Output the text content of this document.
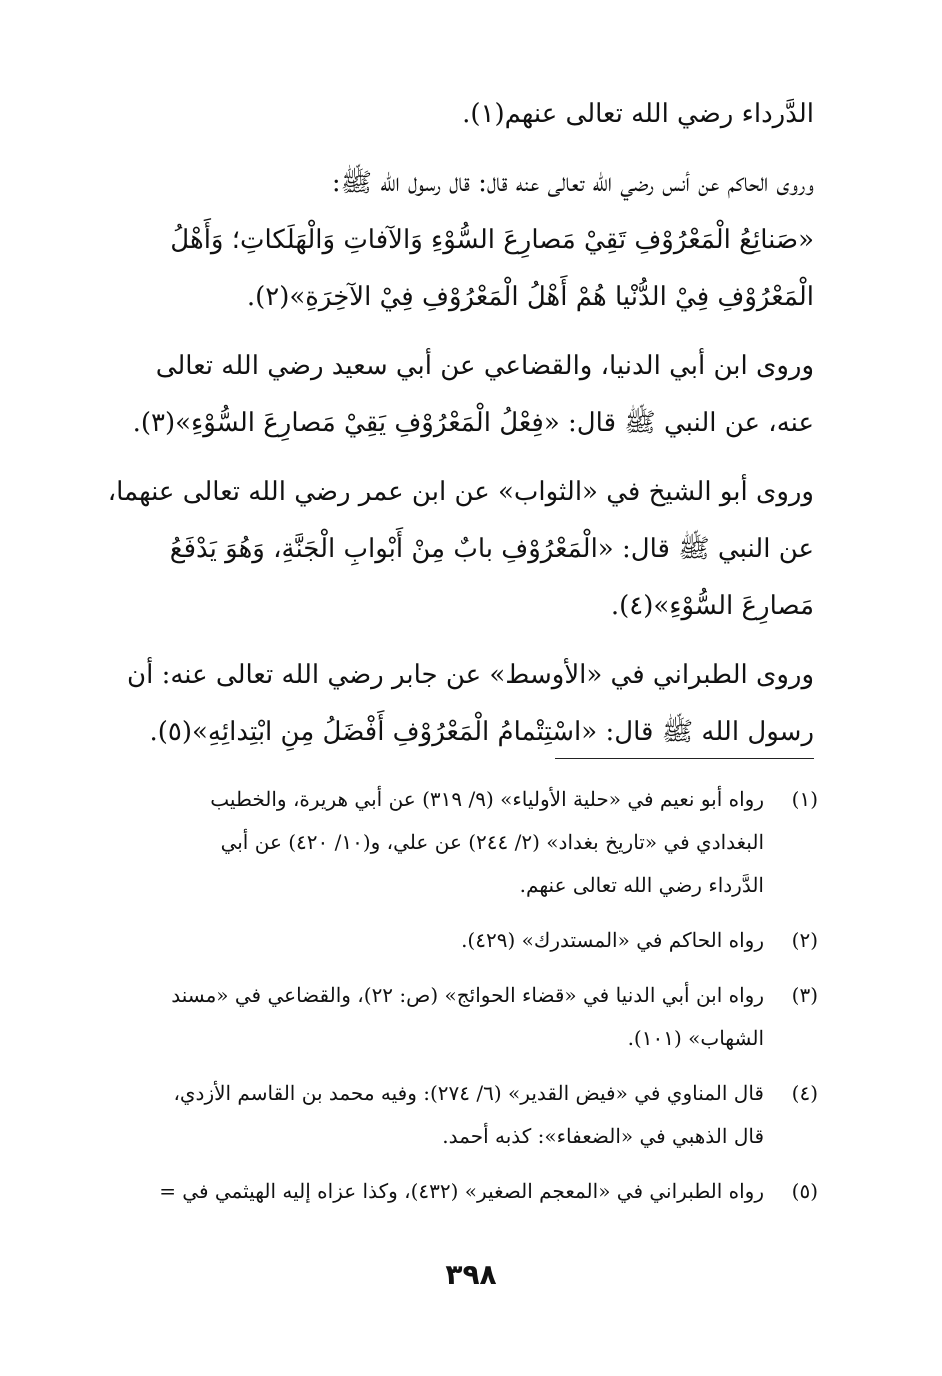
الدَّرداء رضي الله تعالى عنهم(١).
وروى الحاكم عن أنس رضي الله تعالى عنه قال: قال رسول الله ﷺ:
«صَنائِعُ الْمَعْرُوْفِ تَقِيْ مَصارِعَ السُّوْءِ وَالآفاتِ وَالْهَلَكاتِ؛ وَأَهْلُ
الْمَعْرُوْفِ فِيْ الدُّنْيا هُمْ أَهْلُ الْمَعْرُوْفِ فِيْ الآخِرَةِ»(٢).
وروى ابن أبي الدنيا، والقضاعي عن أبي سعيد رضي الله تعالى
عنه، عن النبي ﷺ قال: «فِعْلُ الْمَعْرُوْفِ يَقِيْ مَصارِعَ السُّوْءِ»(٣).
وروى أبو الشيخ في «الثواب» عن ابن عمر رضي الله تعالى عنهما،
عن النبي ﷺ قال: «الْمَعْرُوْفِ بابٌ مِنْ أَبْوابِ الْجَنَّةِ، وَهُوَ يَدْفَعُ
مَصارِعَ السُّوْءِ»(٤).
وروى الطبراني في «الأوسط» عن جابر رضي الله تعالى عنه: أن
رسول الله ﷺ قال: «اسْتِتْمامُ الْمَعْرُوْفِ أَفْضَلُ مِنِ ابْتِدائِهِ»(٥).
(١)
رواه أبو نعيم في «حلية الأولياء» (٩/ ٣١٩) عن أبي هريرة، والخطيب
البغدادي في «تاريخ بغداد» (٢/ ٢٤٤) عن علي، و(١٠/ ٤٢٠) عن أبي
الدَّرداء رضي الله تعالى عنهم.
(٢)
رواه الحاكم في «المستدرك» (٤٢٩).
(٣)
رواه ابن أبي الدنيا في «قضاء الحوائج» (ص: ٢٢)، والقضاعي في «مسند
الشهاب» (١٠١).
(٤)
قال المناوي في «فيض القدير» (٦/ ٢٧٤): وفيه محمد بن القاسم الأزدي،
قال الذهبي في «الضعفاء»: كذبه أحمد.
(٥)
رواه الطبراني في «المعجم الصغير» (٤٣٢)، وكذا عزاه إليه الهيثمي في =
٣٩٨
